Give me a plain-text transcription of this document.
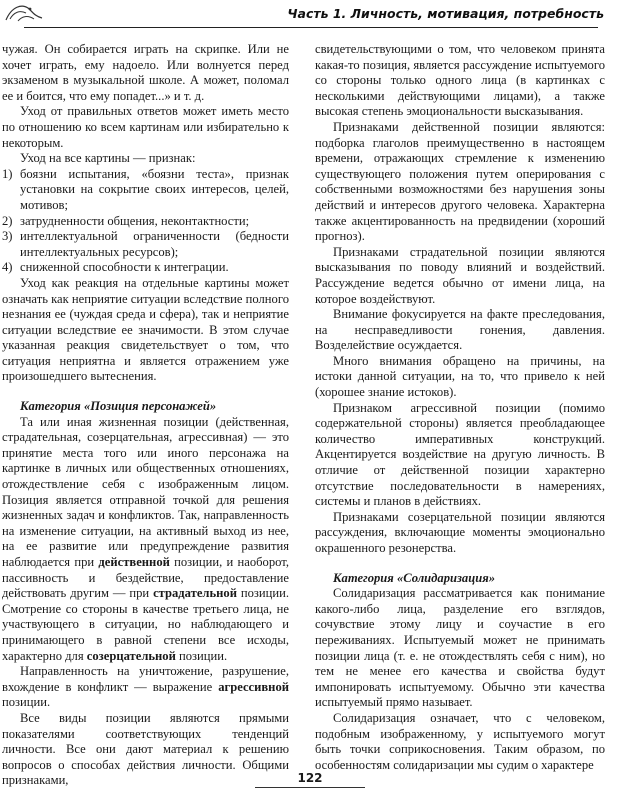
Часть 1. Личность, мотивация, потребность

чужая. Он собирается играть на скрипке. Или не хочет играть, ему надоело. Или волнуется перед экзаменом в музыкальной школе. А может, поломал ее и боится, что ему попадет...» и т. д.

Уход от правильных ответов может иметь место по отношению ко всем картинам или избирательно к некоторым.

Уход на все картины — признак:

1) боязни испытания, «боязни теста», признак установки на сокрытие своих интересов, целей, мотивов;
2) затрудненности общения, неконтактности;
3) интеллектуальной ограниченности (бедности интеллектуальных ресурсов);
4) сниженной способности к интеграции.

Уход как реакция на отдельные картины может означать как неприятие ситуации вследствие полного незнания ее (чуждая среда и сфера), так и неприятие ситуации вследствие ее значимости. В этом случае указанная реакция свидетельствует о том, что ситуация неприятна и является отражением уже произошедшего вытеснения.

Категория «Позиция персонажей»

Та или иная жизненная позиции (действенная, страдательная, созерцательная, агрессивная) — это принятие места того или иного персонажа на картинке в личных или общественных отношениях, отождествление себя с изображенным лицом. Позиция является отправной точкой для решения жизненных задач и конфликтов. Так, направленность на изменение ситуации, на активный выход из нее, на ее развитие или предупреждение развития наблюдается при действенной позиции, и наоборот, пассивность и бездействие, предоставление действовать другим — при страдательной позиции. Смотрение со стороны в качестве третьего лица, не участвующего в ситуации, но наблюдающего и принимающего в равной степени все исходы, характерно для созерцательной позиции.

Направленность на уничтожение, разрушение, вхождение в конфликт — выражение агрессивной позиции.

Все виды позиции являются прямыми показателями соответствующих тенденций личности. Все они дают материал к решению вопросов о способах действия личности. Общими признаками,

свидетельствующими о том, что человеком принята какая-то позиция, является рассуждение испытуемого со стороны только одного лица (в картинках с несколькими действующими лицами), а также высокая степень эмоциональности высказывания.

Признаками действенной позиции являются: подборка глаголов преимущественно в настоящем времени, отражающих стремление к изменению существующего положения путем оперирования с собственными возможностями без нарушения зоны действий и интересов другого человека. Характерна также акцентированность на предвидении (хороший прогноз).

Признаками страдательной позиции являются высказывания по поводу влияний и воздействий. Рассуждение ведется обычно от имени лица, на которое воздействуют.

Внимание фокусируется на факте преследования, на несправедливости гонения, давления. Возделействие осуждается.

Много внимания обращено на причины, на истоки данной ситуации, на то, что привело к ней (хорошее знание истоков).

Признаком агрессивной позиции (помимо содержательной стороны) является преобладающее количество императивных конструкций. Акцентируется воздействие на другую личность. В отличие от действенной позиции характерно отсутствие последовательности в намерениях, системы и планов в действиях.

Признаками созерцательной позиции являются рассуждения, включающие моменты эмоционально окрашенного резонерства.

Категория «Солидаризация»

Солидаризация рассматривается как понимание какого-либо лица, разделение его взглядов, сочувствие этому лицу и соучастие в его переживаниях. Испытуемый может не принимать позиции лица (т. е. не отождествлять себя с ним), но тем не менее его качества и свойства будут импонировать испытуемому. Обычно эти качества испытуемый прямо называет.

Солидаризация означает, что с человеком, подобным изображенному, у испытуемого могут быть точки соприкосновения. Таким образом, по особенностям солидаризации мы судим о характере

122
